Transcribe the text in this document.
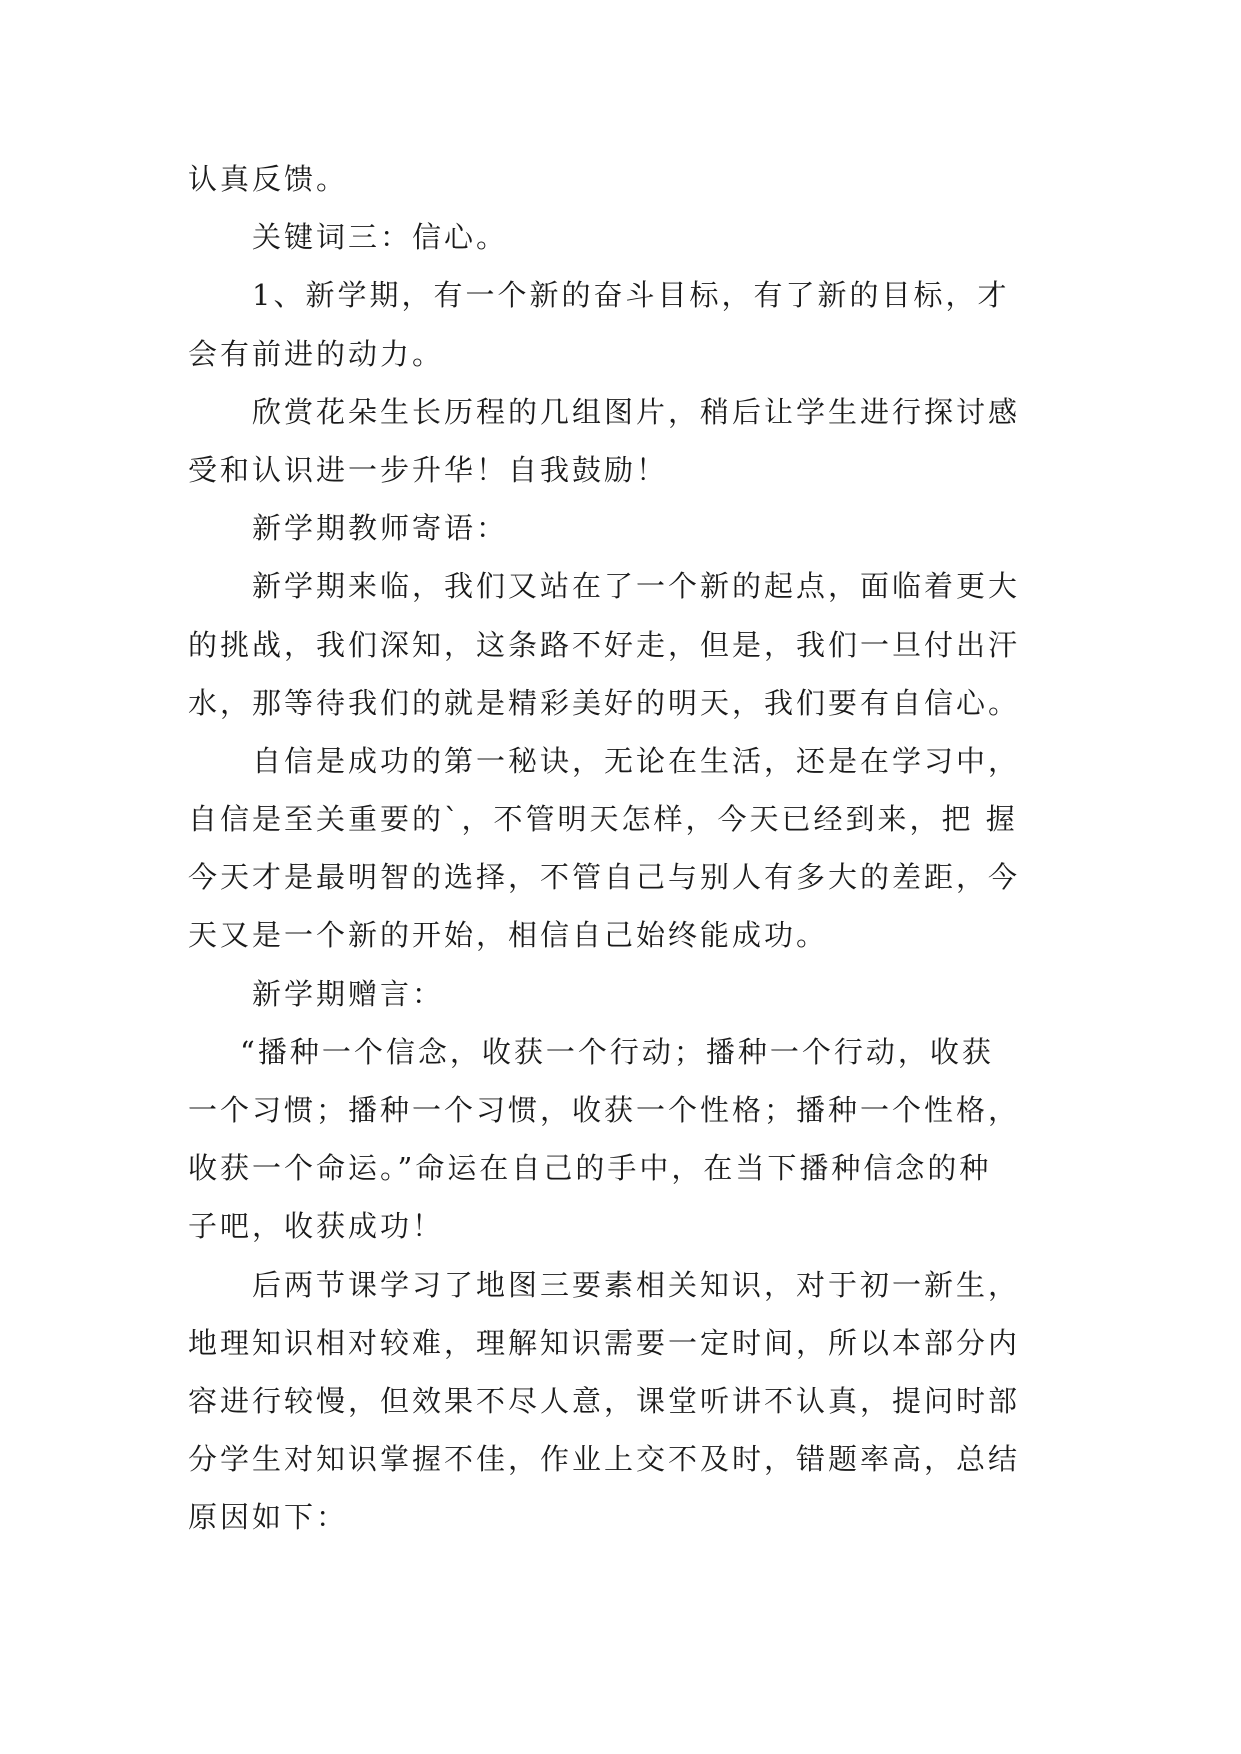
认真反馈。
关键词三：信心。
1、新学期，有一个新的奋斗目标，有了新的目标，才
会有前进的动力。
欣赏花朵生长历程的几组图片，稍后让学生进行探讨感
受和认识进一步升华！自我鼓励！
新学期教师寄语：
新学期来临，我们又站在了一个新的起点，面临着更大
的挑战，我们深知，这条路不好走，但是，我们一旦付出汗
水，那等待我们的就是精彩美好的明天，我们要有自信心。
自信是成功的第一秘诀，无论在生活，还是在学习中，
自信是至关重要的`，不管明天怎样，今天已经到来，把 握
今天才是最明智的选择，不管自己与别人有多大的差距，今
天又是一个新的开始，相信自己始终能成功。
新学期赠言：
“播种一个信念，收获一个行动；播种一个行动，收获
一个习惯；播种一个习惯，收获一个性格；播种一个性格，
收获一个命运。”命运在自己的手中，在当下播种信念的种
子吧，收获成功！
后两节课学习了地图三要素相关知识，对于初一新生，
地理知识相对较难，理解知识需要一定时间，所以本部分内
容进行较慢，但效果不尽人意，课堂听讲不认真，提问时部
分学生对知识掌握不佳，作业上交不及时，错题率高，总结
原因如下：
